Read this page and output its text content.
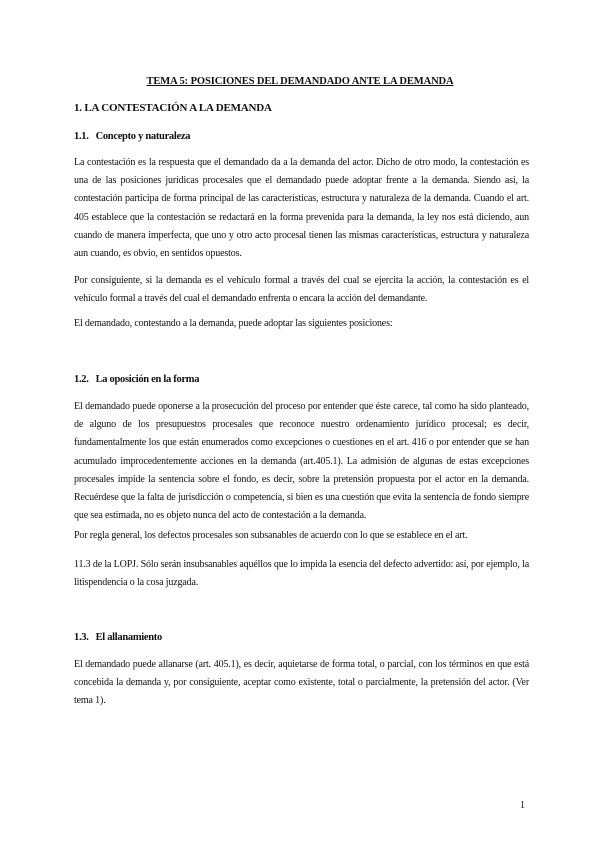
TEMA 5: POSICIONES DEL DEMANDADO ANTE LA DEMANDA
1. LA CONTESTACIÓN A LA DEMANDA
1.1. Concepto y naturaleza
La contestación es la respuesta que el demandado da a la demanda del actor. Dicho de otro modo, la contestación es una de las posiciones jurídicas procesales que el demandado puede adoptar frente a la demanda. Siendo así, la contestación participa de forma principal de las características, estructura y naturaleza de la demanda. Cuando el art. 405 establece que la contestación se redactará en la forma prevenida para la demanda, la ley nos está diciendo, aun cuando de manera imperfecta, que uno y otro acto procesal tienen las mismas características, estructura y naturaleza aun cuando, es obvio, en sentidos opuestos.
Por consiguiente, si la demanda es el vehículo formal a través del cual se ejercita la acción, la contestación es el vehículo formal a través del cual el demandado enfrenta o encara la acción del demandante.
El demandado, contestando a la demanda, puede adoptar las siguientes posiciones:
1.2. La oposición en la forma
El demandado puede oponerse a la prosecución del proceso por entender que éste carece, tal como ha sido planteado, de alguno de los presupuestos procesales que reconoce nuestro ordenamiento jurídico procesal; es decir, fundamentalmente los que están enumerados como excepciones o cuestiones en el art. 416 o por entender que se han acumulado improcedentemente acciones en la demanda (art.405.1). La admisión de algunas de estas excepciones procesales impide la sentencia sobre el fondo, es decir, sobre la pretensión propuesta por el actor en la demanda. Recuérdese que la falta de jurisdicción o competencia, si bien es una cuestión que evita la sentencia de fondo siempre que sea estimada, no es objeto nunca del acto de contestación a la demanda.
Por regla general, los defectos procesales son subsanables de acuerdo con lo que se establece en el art.
11.3 de la LOPJ. Sólo serán insubsanables aquéllos que lo impida la esencia del defecto advertido: así, por ejemplo, la litispendencia o la cosa juzgada.
1.3. El allanamiento
El demandado puede allanarse (art. 405.1), es decir, aquietarse de forma total, o parcial, con los términos en que está concebida la demanda y, por consiguiente, aceptar como existente, total o parcialmente, la pretensión del actor. (Ver tema 1).
1
